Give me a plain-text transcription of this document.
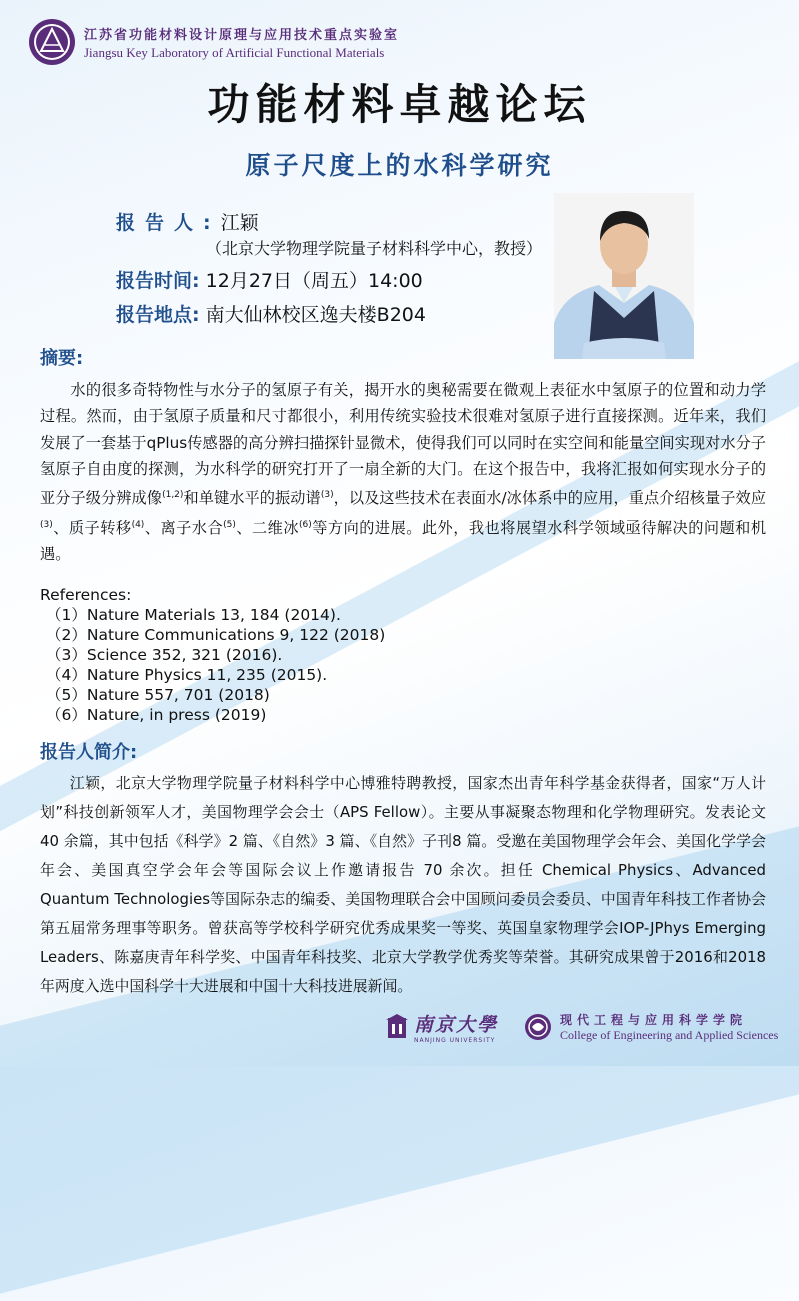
江苏省功能材料设计原理与应用技术重点实验室
Jiangsu Key Laboratory of Artificial Functional Materials
功能材料卓越论坛
原子尺度上的水科学研究
报告人:江颖
（北京大学物理学院量子材料科学中心，教授）
报告时间: 12月27日（周五）14:00
报告地点: 南大仙林校区逸夫楼B204
摘要:
水的很多奇特物性与水分子的氢原子有关，揭开水的奥秘需要在微观上表征水中氢原子的位置和动力学过程。然而，由于氢原子质量和尺寸都很小，利用传统实验技术很难对氢原子进行直接探测。近年来，我们发展了一套基于qPlus传感器的高分辨扫描探针显微术，使得我们可以同时在实空间和能量空间实现对水分子氢原子自由度的探测，为水科学的研究打开了一扇全新的大门。在这个报告中，我将汇报如何实现水分子的亚分子级分辨成像$^{(1,2)}$和单键水平的振动谱$^{(3)}$，以及这些技术在表面水/冰体系中的应用，重点介绍核量子效应$^{(3)}$、质子转移$^{(4)}$、离子水合$^{(5)}$、二维冰$^{(6)}$等方向的进展。此外，我也将展望水科学领域亟待解决的问题和机遇。
References:
（1）Nature Materials 13, 184 (2014).
（2）Nature Communications 9, 122 (2018)
（3）Science 352, 321 (2016).
（4）Nature Physics 11, 235 (2015).
（5）Nature 557, 701 (2018)
（6）Nature, in press (2019)
报告人简介:
江颖，北京大学物理学院量子材料科学中心博雅特聘教授，国家杰出青年科学基金获得者，国家“万人计划”科技创新领军人才，美国物理学会会士（APS Fellow）。主要从事凝聚态物理和化学物理研究。发表论文 40 余篇，其中包括《科学》2 篇、《自然》3 篇、《自然》子刊8 篇。受邀在美国物理学会年会、美国化学学会年会、美国真空学会年会等国际会议上作邀请报告 70 余次。担任 Chemical Physics、Advanced Quantum Technologies等国际杂志的编委、美国物理联合会中国顾问委员会委员、中国青年科技工作者协会第五届常务理事等职务。曾获高等学校科学研究优秀成果奖一等奖、英国皇家物理学会IOP-JPhys Emerging Leaders、陈嘉庚青年科学奖、中国青年科技奖、北京大学教学优秀奖等荣誉。其研究成果曾于2016和2018年两度入选中国科学十大进展和中国十大科技进展新闻。
南京大學
NANJING UNIVERSITY
现代工程与应用科学学院
College of Engineering and Applied Sciences
